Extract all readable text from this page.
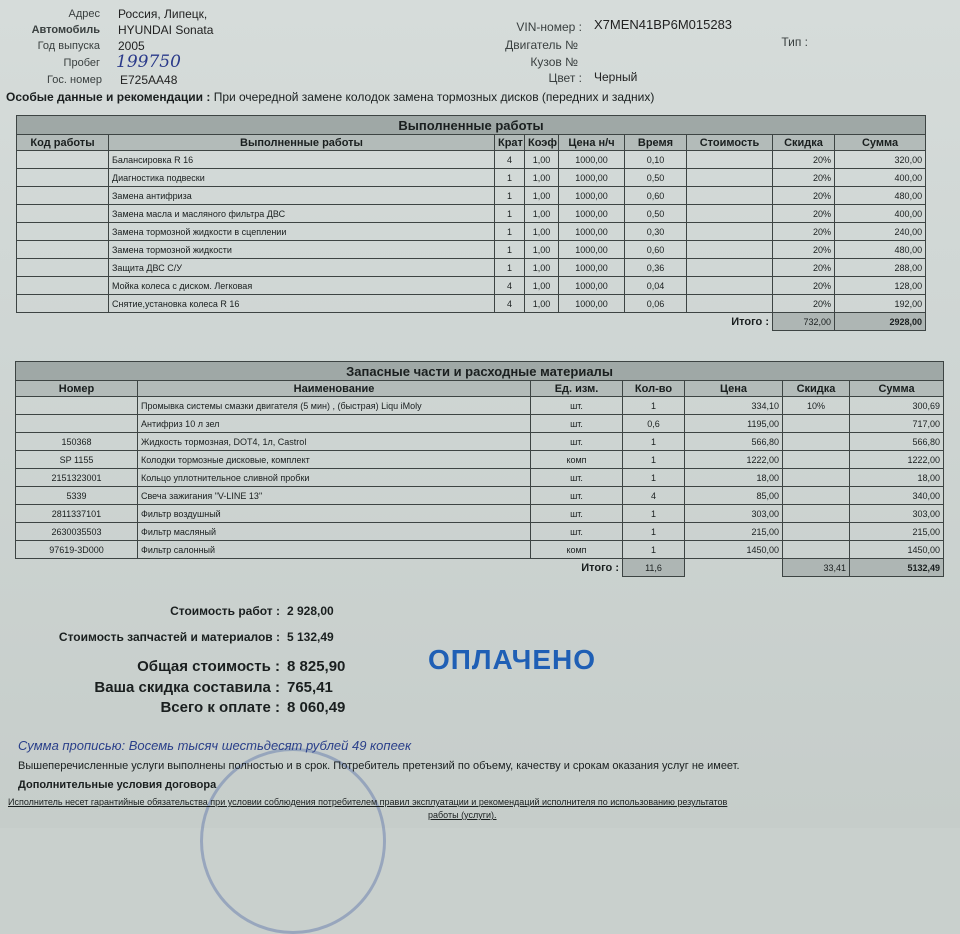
Адрес Россия, Липецк,
Автомобиль HYUNDAI Sonata
Год выпуска 2005
Пробег 199750
Гос. номер Е725АА48
VIN-номер : X7MEN41BP6M015283
Двигатель №
Кузов №
Цвет : Черный
Тип :
Особые данные и рекомендации : При очередной замене колодок замена тормозных дисков (передних и задних)
Выполненные работы								
Код работы	Выполненные работы	Крат	Коэф	Цена н/ч	Время	Стоимость	Скидка	Сумма
	Балансировка R 16	4	1,00	1000,00	0,10		20%	320,00
	Диагностика подвески	1	1,00	1000,00	0,50		20%	400,00
	Замена антифриза	1	1,00	1000,00	0,60		20%	480,00
	Замена масла и масляного фильтра ДВС	1	1,00	1000,00	0,50		20%	400,00
	Замена тормозной жидкости в сцеплении	1	1,00	1000,00	0,30		20%	240,00
	Замена тормозной жидкости	1	1,00	1000,00	0,60		20%	480,00
	Защита ДВС С/У	1	1,00	1000,00	0,36		20%	288,00
	Мойка колеса с диском. Легковая	4	1,00	1000,00	0,04		20%	128,00
	Снятие,установка колеса R 16	4	1,00	1000,00	0,06		20%	192,00
Итого :							732,00	2928,00
Запасные части и расходные материалы						
Номер	Наименование	Ед. изм.	Кол-во	Цена	Скидка	Сумма
	Промывка системы смазки двигателя (5 мин) , (быстрая) Liqu iMoly	шт.	1	334,10	10%	300,69
	Антифриз 10 л зел	шт.	0,6	1195,00		717,00
150368	Жидкость тормозная, DOT4, 1л, Castrol	шт.	1	566,80		566,80
SP 1155	Колодки тормозные дисковые, комплект	комп	1	1222,00		1222,00
2151323001	Кольцо уплотнительное сливной пробки	шт.	1	18,00		18,00
5339	Свеча зажигания "V-LINE 13"	шт.	4	85,00		340,00
2811337101	Фильтр воздушный	шт.	1	303,00		303,00
2630035503	Фильтр масляный	шт.	1	215,00		215,00
97619-3D000	Фильтр салонный	комп	1	1450,00		1450,00
Итого :			11,6		33,41	5132,49
Стоимость работ : 2 928,00
Стоимость запчастей и материалов : 5 132,49
Общая стоимость : 8 825,90
Ваша скидка составила : 765,41
Всего к оплате : 8 060,49
ОПЛАЧЕНО
Сумма прописью: Восемь тысяч шестьдесят рублей 49 копеек
Вышеперечисленные услуги выполнены полностью и в срок. Потребитель претензий по объему, качеству и срокам оказания услуг не имеет.
Дополнительные условия договора
Исполнитель несет гарантийные обязательства при условии соблюдения потребителем правил эксплуатации и рекомендаций исполнителя по использованию результатов
работы (услуги).
